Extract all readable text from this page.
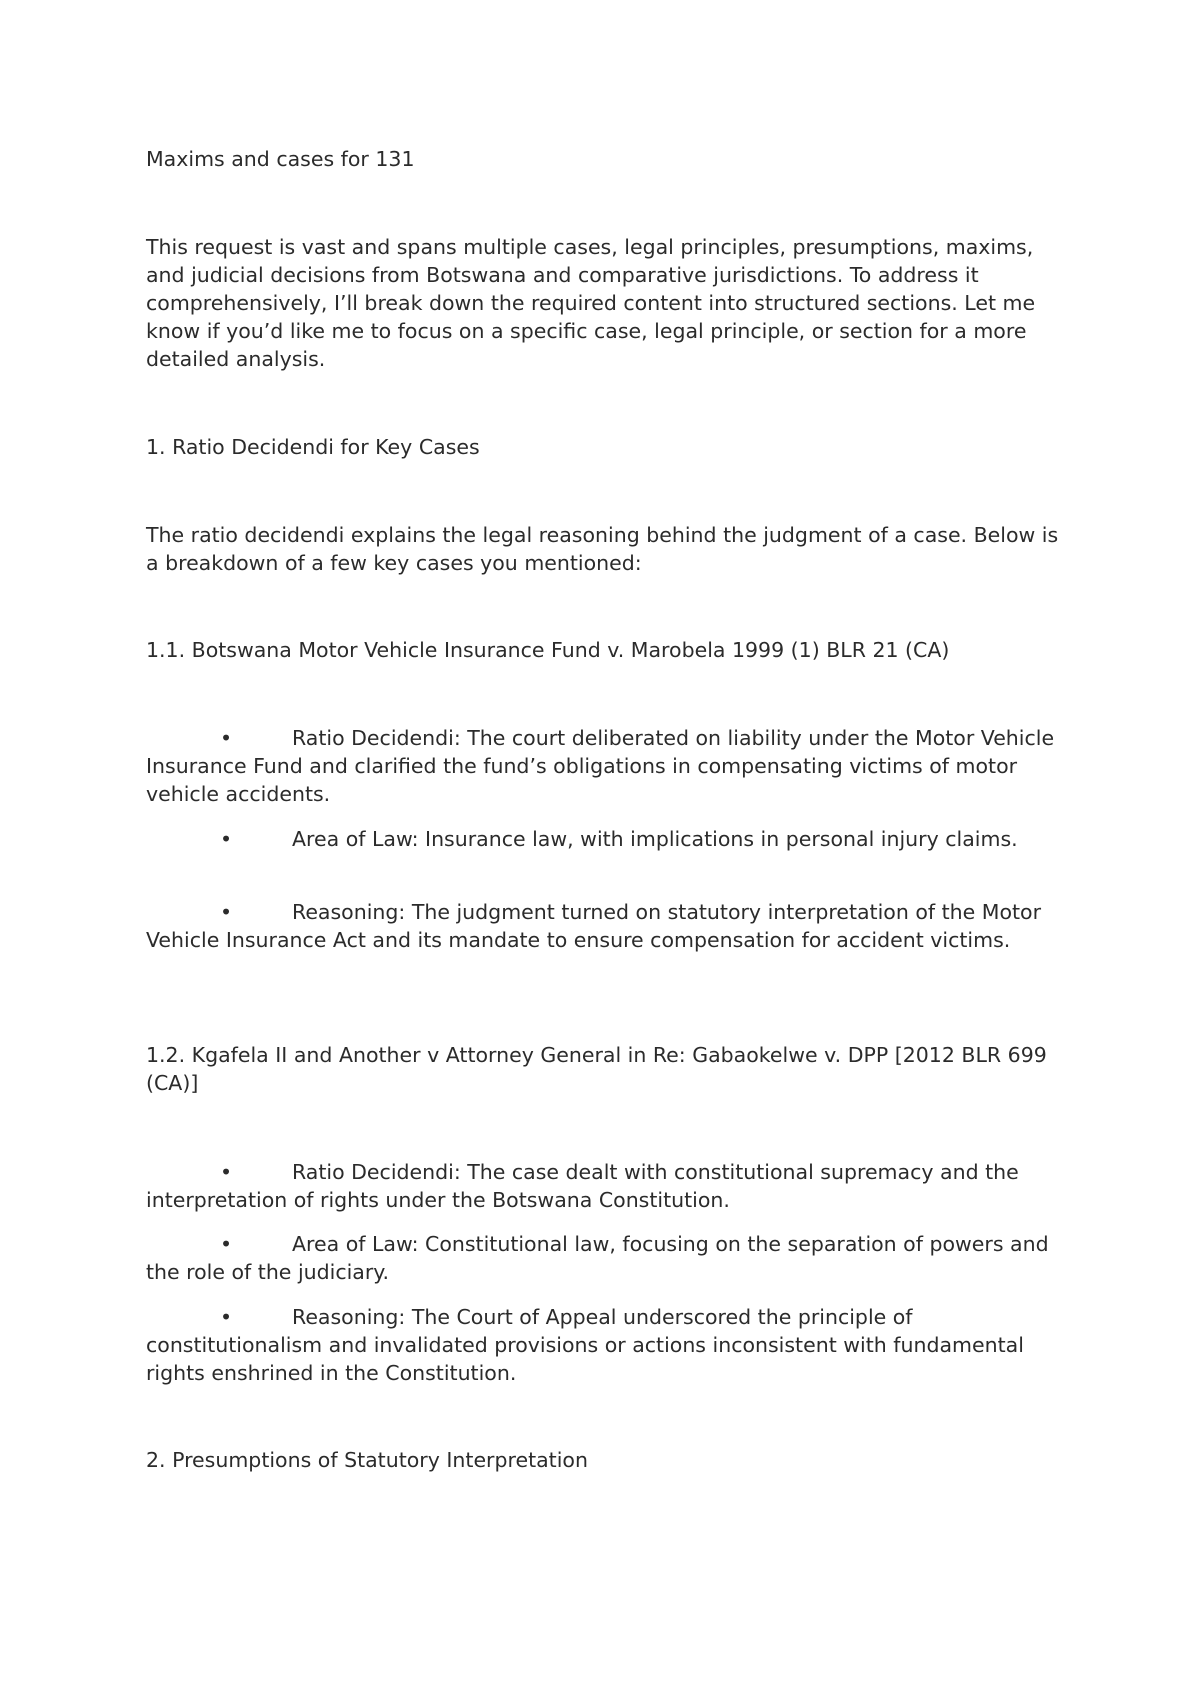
Maxims and cases for 131

This request is vast and spans multiple cases, legal principles, presumptions, maxims, and judicial decisions from Botswana and comparative jurisdictions. To address it comprehensively, I’ll break down the required content into structured sections. Let me know if you’d like me to focus on a specific case, legal principle, or section for a more detailed analysis.

1. Ratio Decidendi for Key Cases

The ratio decidendi explains the legal reasoning behind the judgment of a case. Below is a breakdown of a few key cases you mentioned:

1.1. Botswana Motor Vehicle Insurance Fund v. Marobela 1999 (1) BLR 21 (CA)

•	Ratio Decidendi: The court deliberated on liability under the Motor Vehicle Insurance Fund and clarified the fund’s obligations in compensating victims of motor vehicle accidents.

•	Area of Law: Insurance law, with implications in personal injury claims.

•	Reasoning: The judgment turned on statutory interpretation of the Motor Vehicle Insurance Act and its mandate to ensure compensation for accident victims.

1.2. Kgafela II and Another v Attorney General in Re: Gabaokelwe v. DPP [2012 BLR 699 (CA)]

•	Ratio Decidendi: The case dealt with constitutional supremacy and the interpretation of rights under the Botswana Constitution.

•	Area of Law: Constitutional law, focusing on the separation of powers and the role of the judiciary.

•	Reasoning: The Court of Appeal underscored the principle of constitutionalism and invalidated provisions or actions inconsistent with fundamental rights enshrined in the Constitution.

2. Presumptions of Statutory Interpretation
